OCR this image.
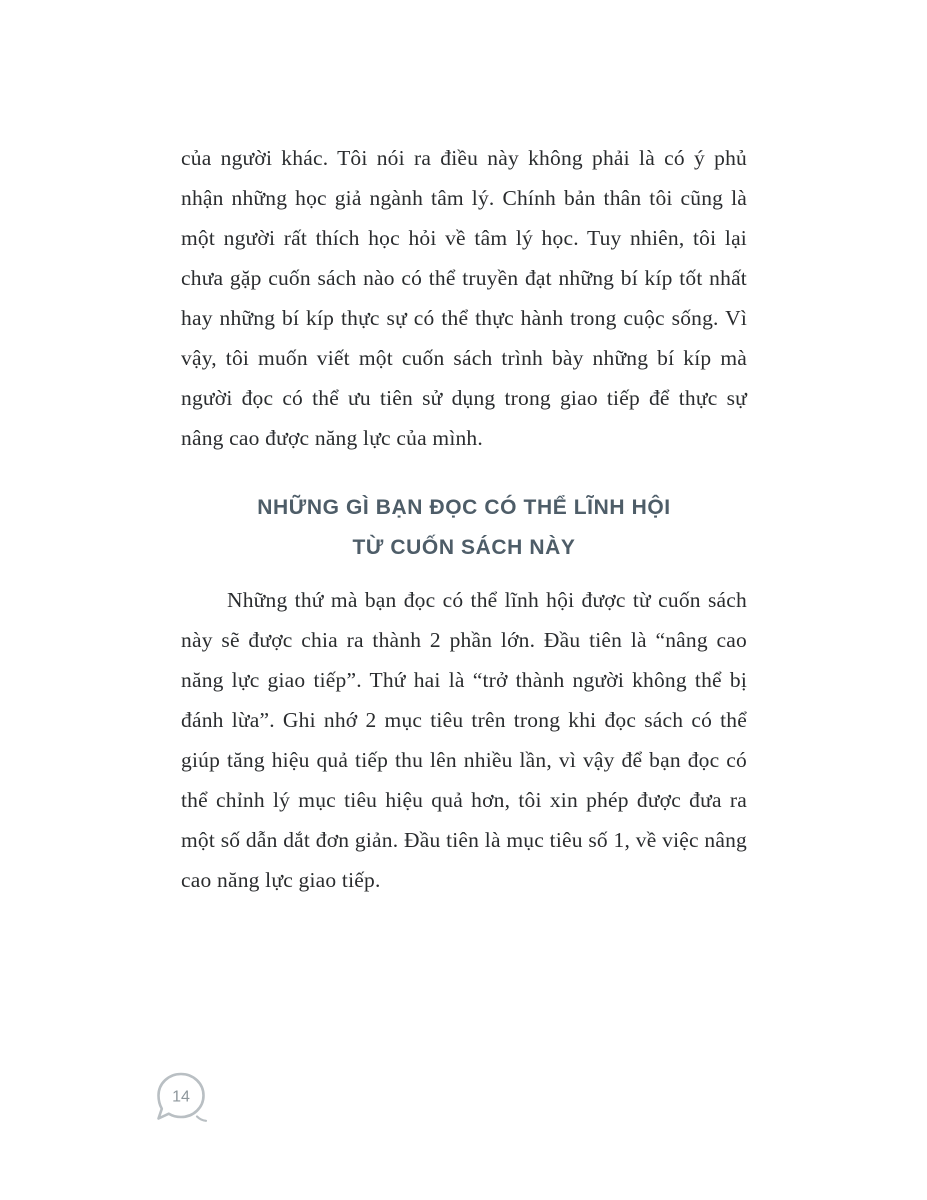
của người khác. Tôi nói ra điều này không phải là có ý phủ nhận những học giả ngành tâm lý. Chính bản thân tôi cũng là một người rất thích học hỏi về tâm lý học. Tuy nhiên, tôi lại chưa gặp cuốn sách nào có thể truyền đạt những bí kíp tốt nhất hay những bí kíp thực sự có thể thực hành trong cuộc sống. Vì vậy, tôi muốn viết một cuốn sách trình bày những bí kíp mà người đọc có thể ưu tiên sử dụng trong giao tiếp để thực sự nâng cao được năng lực của mình.

NHỮNG GÌ BẠN ĐỌC CÓ THỂ LĨNH HỘI
TỪ CUỐN SÁCH NÀY

Những thứ mà bạn đọc có thể lĩnh hội được từ cuốn sách này sẽ được chia ra thành 2 phần lớn. Đầu tiên là “nâng cao năng lực giao tiếp”. Thứ hai là “trở thành người không thể bị đánh lừa”. Ghi nhớ 2 mục tiêu trên trong khi đọc sách có thể giúp tăng hiệu quả tiếp thu lên nhiều lần, vì vậy để bạn đọc có thể chỉnh lý mục tiêu hiệu quả hơn, tôi xin phép được đưa ra một số dẫn dắt đơn giản. Đầu tiên là mục tiêu số 1, về việc nâng cao năng lực giao tiếp.

14
